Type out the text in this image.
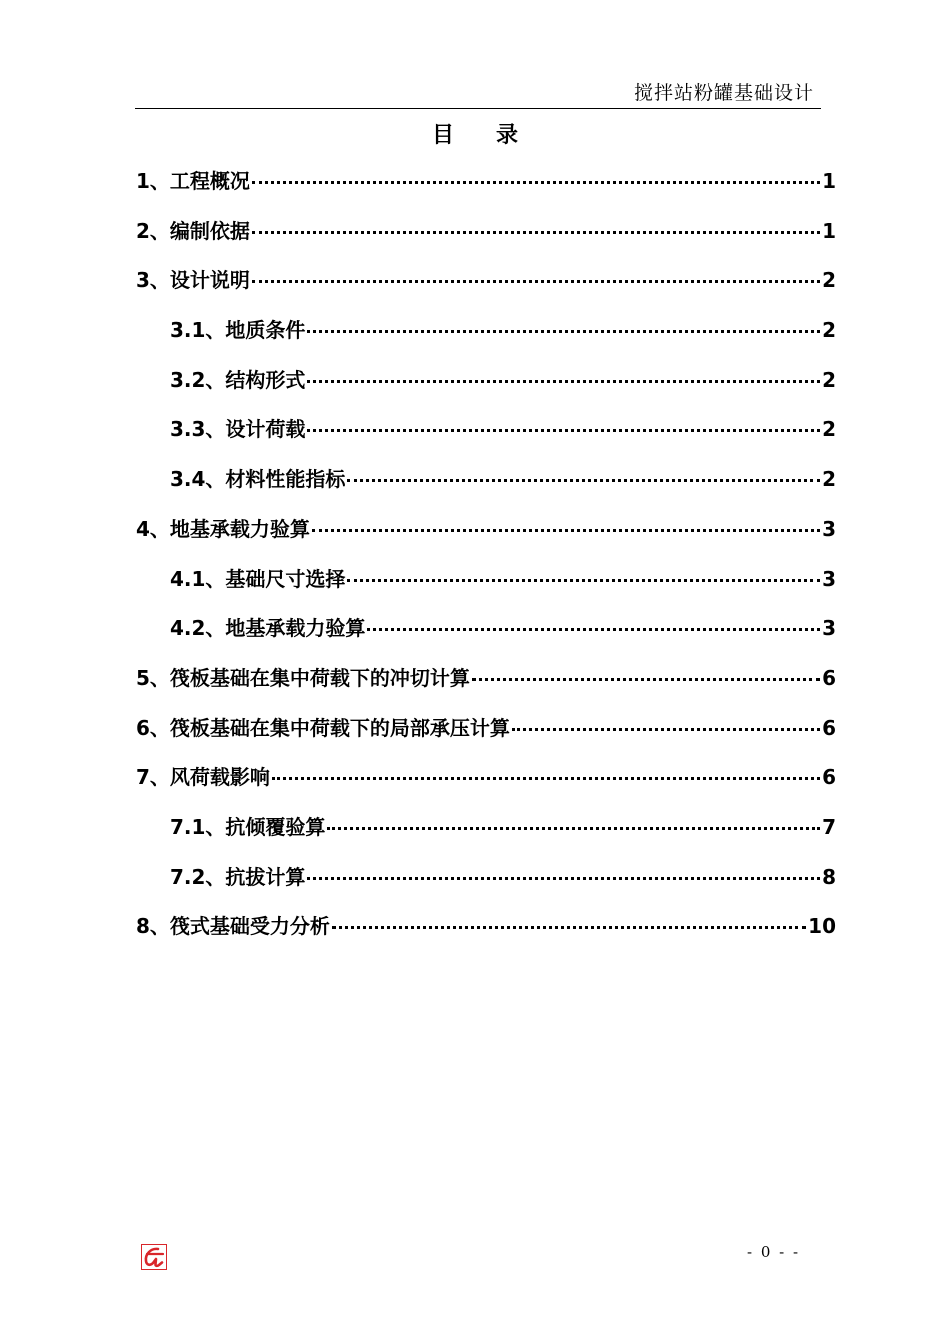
搅拌站粉罐基础设计
目 录
1、工程概况	1
2、编制依据	1
3、设计说明	2
3.1、地质条件	2
3.2、结构形式	2
3.3、设计荷载	2
3.4、材料性能指标	2
4、地基承载力验算	3
4.1、基础尺寸选择	3
4.2、地基承载力验算	3
5、筏板基础在集中荷载下的冲切计算	6
6、筏板基础在集中荷载下的局部承压计算	6
7、风荷载影响	6
7.1、抗倾覆验算	7
7.2、抗拔计算	8
8、筏式基础受力分析	10
- 0 - -
